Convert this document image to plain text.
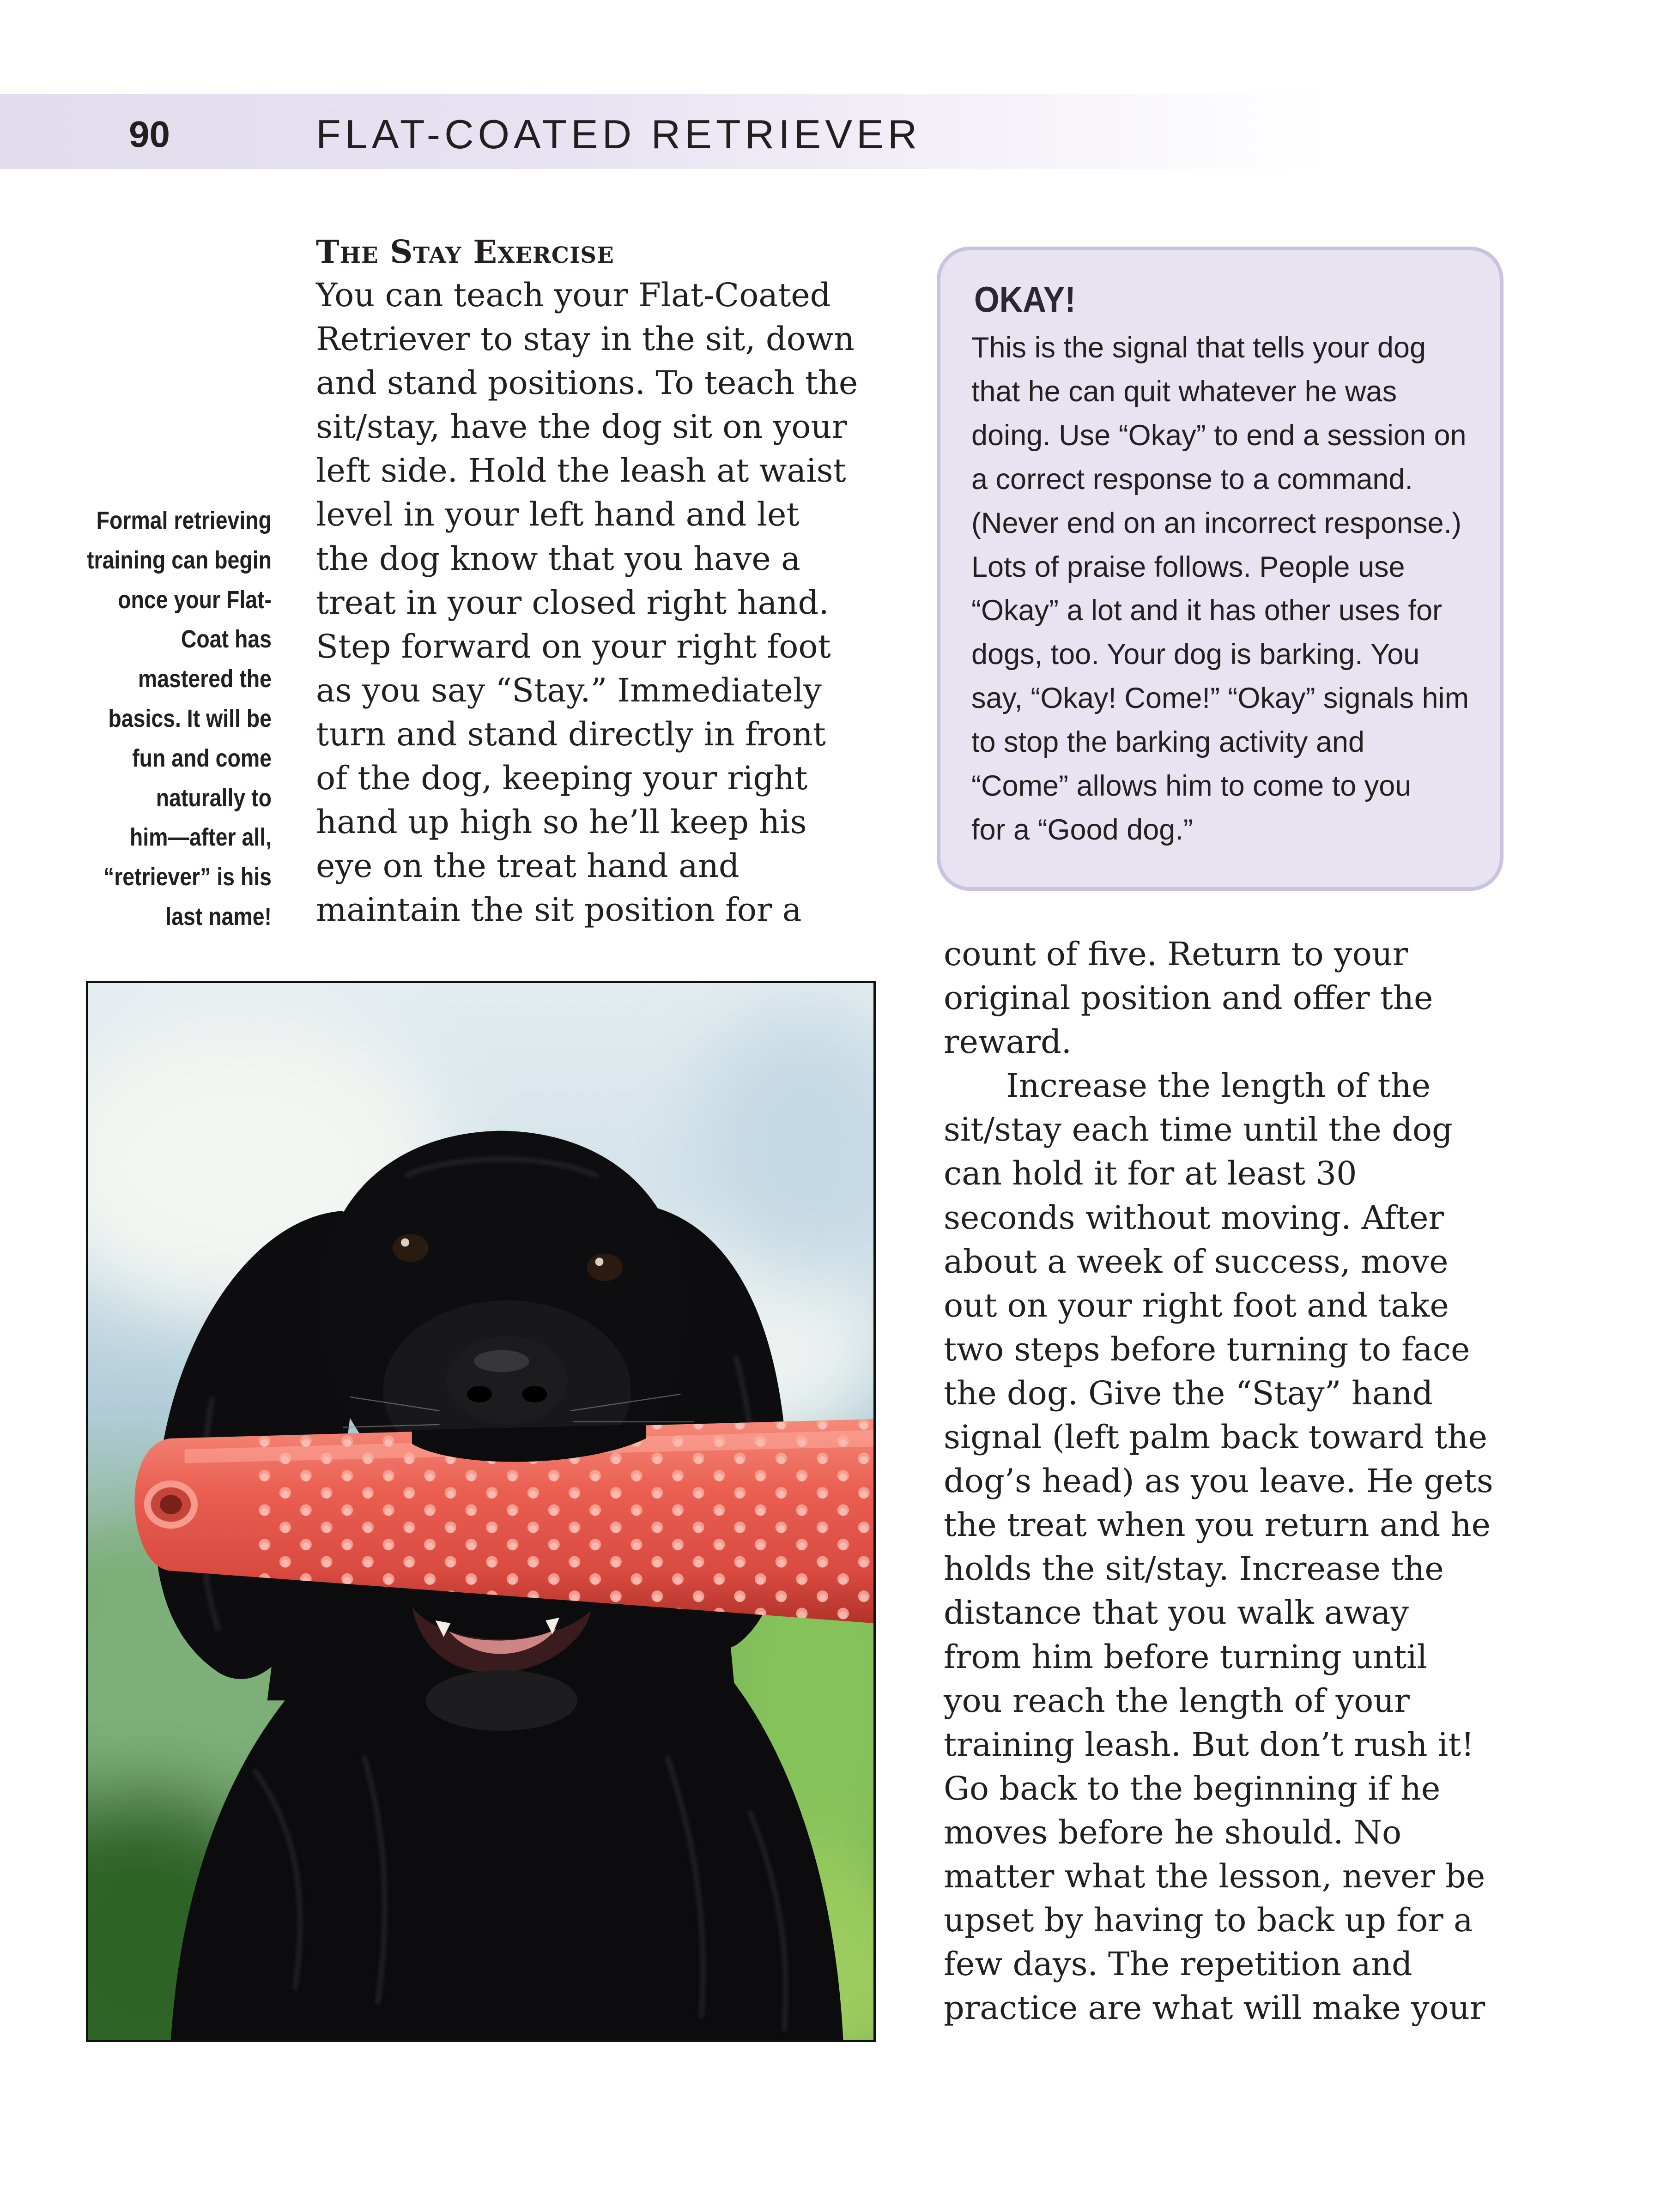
90	FLAT-COATED RETRIEVER
Formal retrieving
training can begin
once your Flat-
Coat has
mastered the
basics. It will be
fun and come
naturally to
him—after all,
“retriever” is his
last name!
The Stay Exercise
You can teach your Flat-Coated
Retriever to stay in the sit, down
and stand positions. To teach the
sit/stay, have the dog sit on your
left side. Hold the leash at waist
level in your left hand and let
the dog know that you have a
treat in your closed right hand.
Step forward on your right foot
as you say “Stay.” Immediately
turn and stand directly in front
of the dog, keeping your right
hand up high so he’ll keep his
eye on the treat hand and
maintain the sit position for a
OKAY!
This is the signal that tells your dog
that he can quit whatever he was
doing. Use “Okay” to end a session on
a correct response to a command.
(Never end on an incorrect response.)
Lots of praise follows. People use
“Okay” a lot and it has other uses for
dogs, too. Your dog is barking. You
say, “Okay! Come!” “Okay” signals him
to stop the barking activity and
“Come” allows him to come to you
for a “Good dog.”
count of five. Return to your
original position and offer the
reward.
Increase the length of the
sit/stay each time until the dog
can hold it for at least 30
seconds without moving. After
about a week of success, move
out on your right foot and take
two steps before turning to face
the dog. Give the “Stay” hand
signal (left palm back toward the
dog’s head) as you leave. He gets
the treat when you return and he
holds the sit/stay. Increase the
distance that you walk away
from him before turning until
you reach the length of your
training leash. But don’t rush it!
Go back to the beginning if he
moves before he should. No
matter what the lesson, never be
upset by having to back up for a
few days. The repetition and
practice are what will make your
